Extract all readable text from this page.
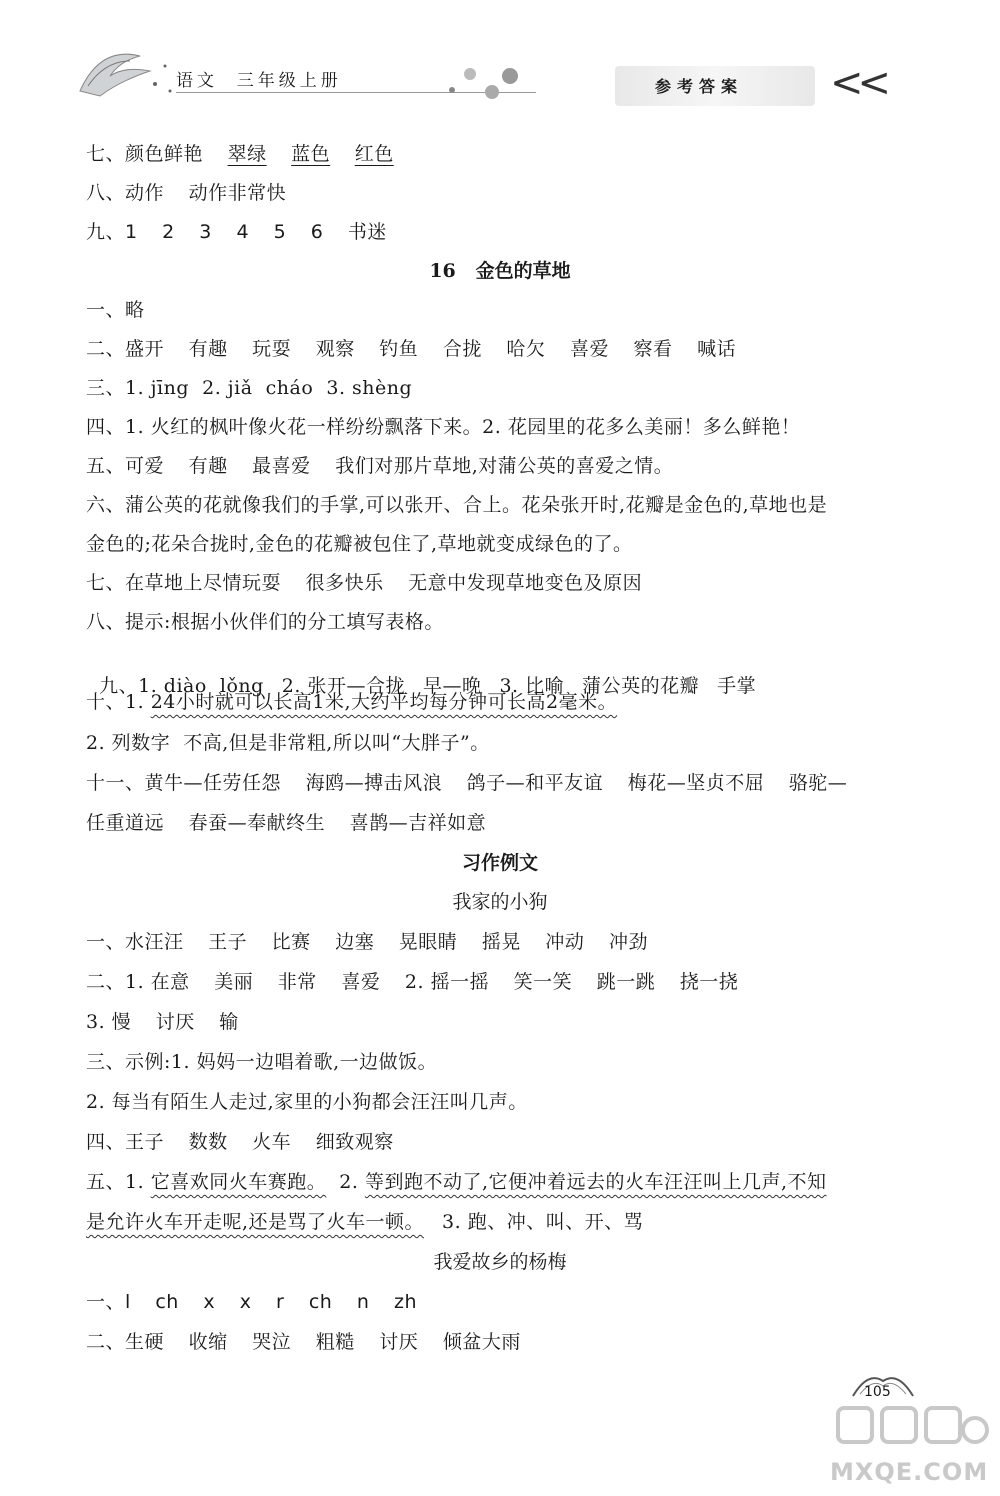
语文  三年级上册	参考答案 <<
七、颜色鲜艳 翠绿 蓝色 红色
八、动作 动作非常快
九、1 2 3 4 5 6 书迷
16 金色的草地
一、略
二、盛开 有趣 玩耍 观察 钓鱼 合拢 哈欠 喜爱 察看 喊话
三、1. jīng  2. jiǎ  cháo  3. shèng
四、1. 火红的枫叶像火花一样纷纷飘落下来。2. 花园里的花多么美丽！多么鲜艳！
五、可爱 有趣 最喜爱 我们对那片草地,对蒲公英的喜爱之情。
六、蒲公英的花就像我们的手掌,可以张开、合上。花朵张开时,花瓣是金色的,草地也是
金色的;花朵合拢时,金色的花瓣被包住了,草地就变成绿色的了。
七、在草地上尽情玩耍 很多快乐 无意中发现草地变色及原因
八、提示:根据小伙伴们的分工填写表格。

九、1. diào  lǒng 2. 张开—合拢 早—晚 3. 比喻 蒲公英的花瓣 手掌

十、1. 24小时就可以长高1米,大约平均每分钟可长高2毫米。
2. 列数字  不高,但是非常粗,所以叫“大胖子”。
十一、黄牛—任劳任怨 海鸥—搏击风浪 鸽子—和平友谊 梅花—坚贞不屈 骆驼—
任重道远 春蚕—奉献终生 喜鹊—吉祥如意
习作例文
我家的小狗
一、水汪汪 王子 比赛 边塞 晃眼睛 摇晃 冲动 冲劲
二、1. 在意 美丽 非常 喜爱 2. 摇一摇 笑一笑 跳一跳 挠一挠
3. 慢 讨厌 输
三、示例:1. 妈妈一边唱着歌,一边做饭。
2. 每当有陌生人走过,家里的小狗都会汪汪叫几声。
四、王子 数数 火车 细致观察
五、1. 它喜欢同火车赛跑。  2. 等到跑不动了,它便冲着远去的火车汪汪叫上几声,不知
是允许火车开走呢,还是骂了火车一顿。 3. 跑、冲、叫、开、骂
我爱故乡的杨梅
一、l ch x x r ch n zh
二、生硬 收缩 哭泣 粗糙 讨厌 倾盆大雨
105
MXQE.COM
